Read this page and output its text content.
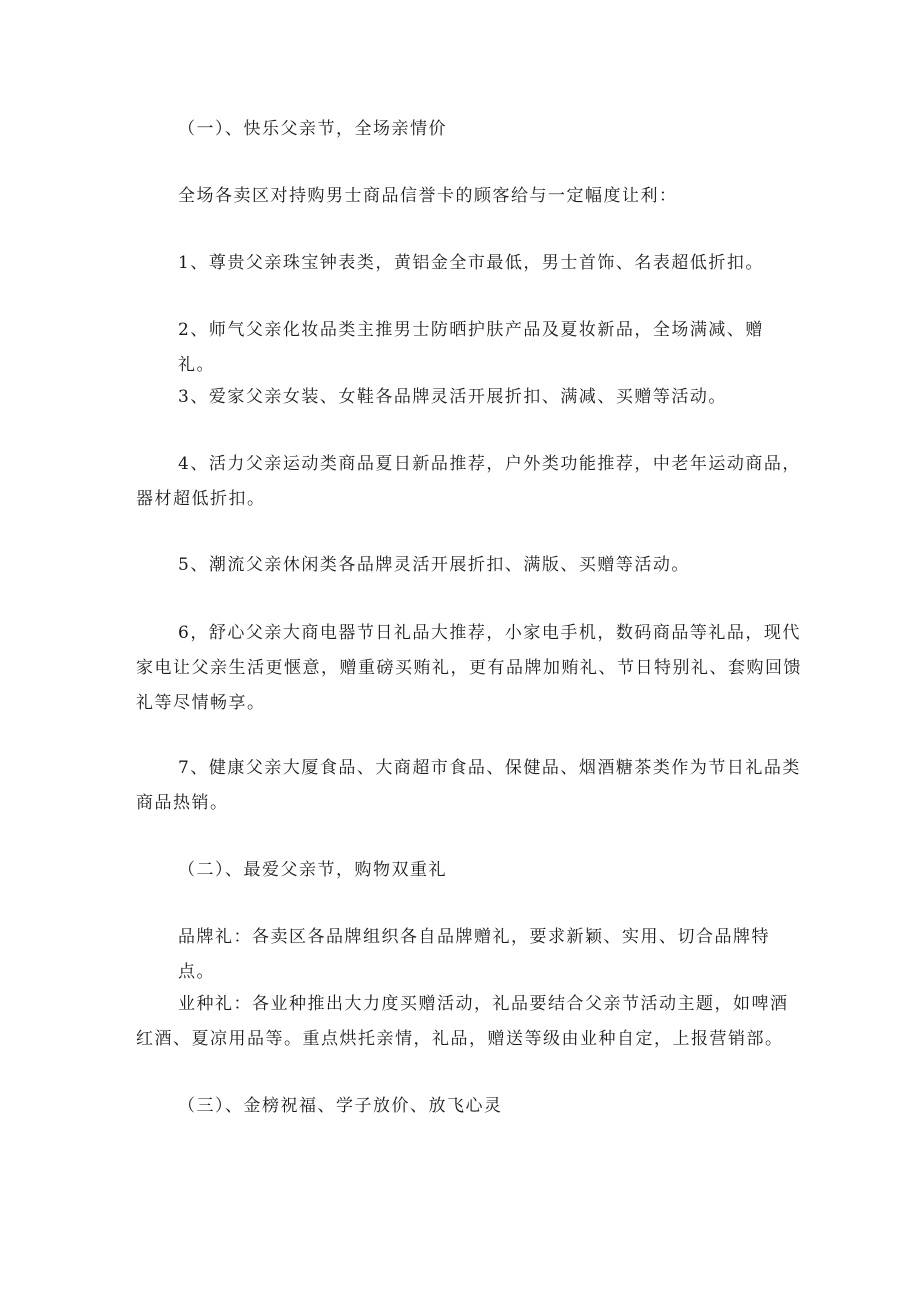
（一）、快乐父亲节，全场亲情价

全场各卖区对持购男士商品信誉卡的顾客给与一定幅度让利：

1、尊贵父亲珠宝钟表类，黄铝金全市最低，男士首饰、名表超低折扣。

2、师气父亲化妆品类主推男士防晒护肤产品及夏妆新品，全场满减、赠礼。

3、爱家父亲女装、女鞋各品牌灵活开展折扣、满减、买赠等活动。

4、活力父亲运动类商品夏日新品推荐，户外类功能推荐，中老年运动商品，器材超低折扣。

5、潮流父亲休闲类各品牌灵活开展折扣、满版、买赠等活动。

6，舒心父亲大商电器节日礼品大推荐，小家电手机，数码商品等礼品，现代家电让父亲生活更惬意，赠重磅买贿礼，更有品牌加贿礼、节日特别礼、套购回馈礼等尽情畅享。

7、健康父亲大厦食品、大商超市食品、保健品、烟酒糖茶类作为节日礼品类商品热销。

（二）、最爱父亲节，购物双重礼

品牌礼：各卖区各品牌组织各自品牌赠礼，要求新颖、实用、切合品牌特点。

业种礼：各业种推出大力度买赠活动，礼品要结合父亲节活动主题，如啤酒红酒、夏凉用品等。重点烘托亲情，礼品，赠送等级由业种自定，上报营销部。

（三）、金榜祝福、学子放价、放飞心灵
